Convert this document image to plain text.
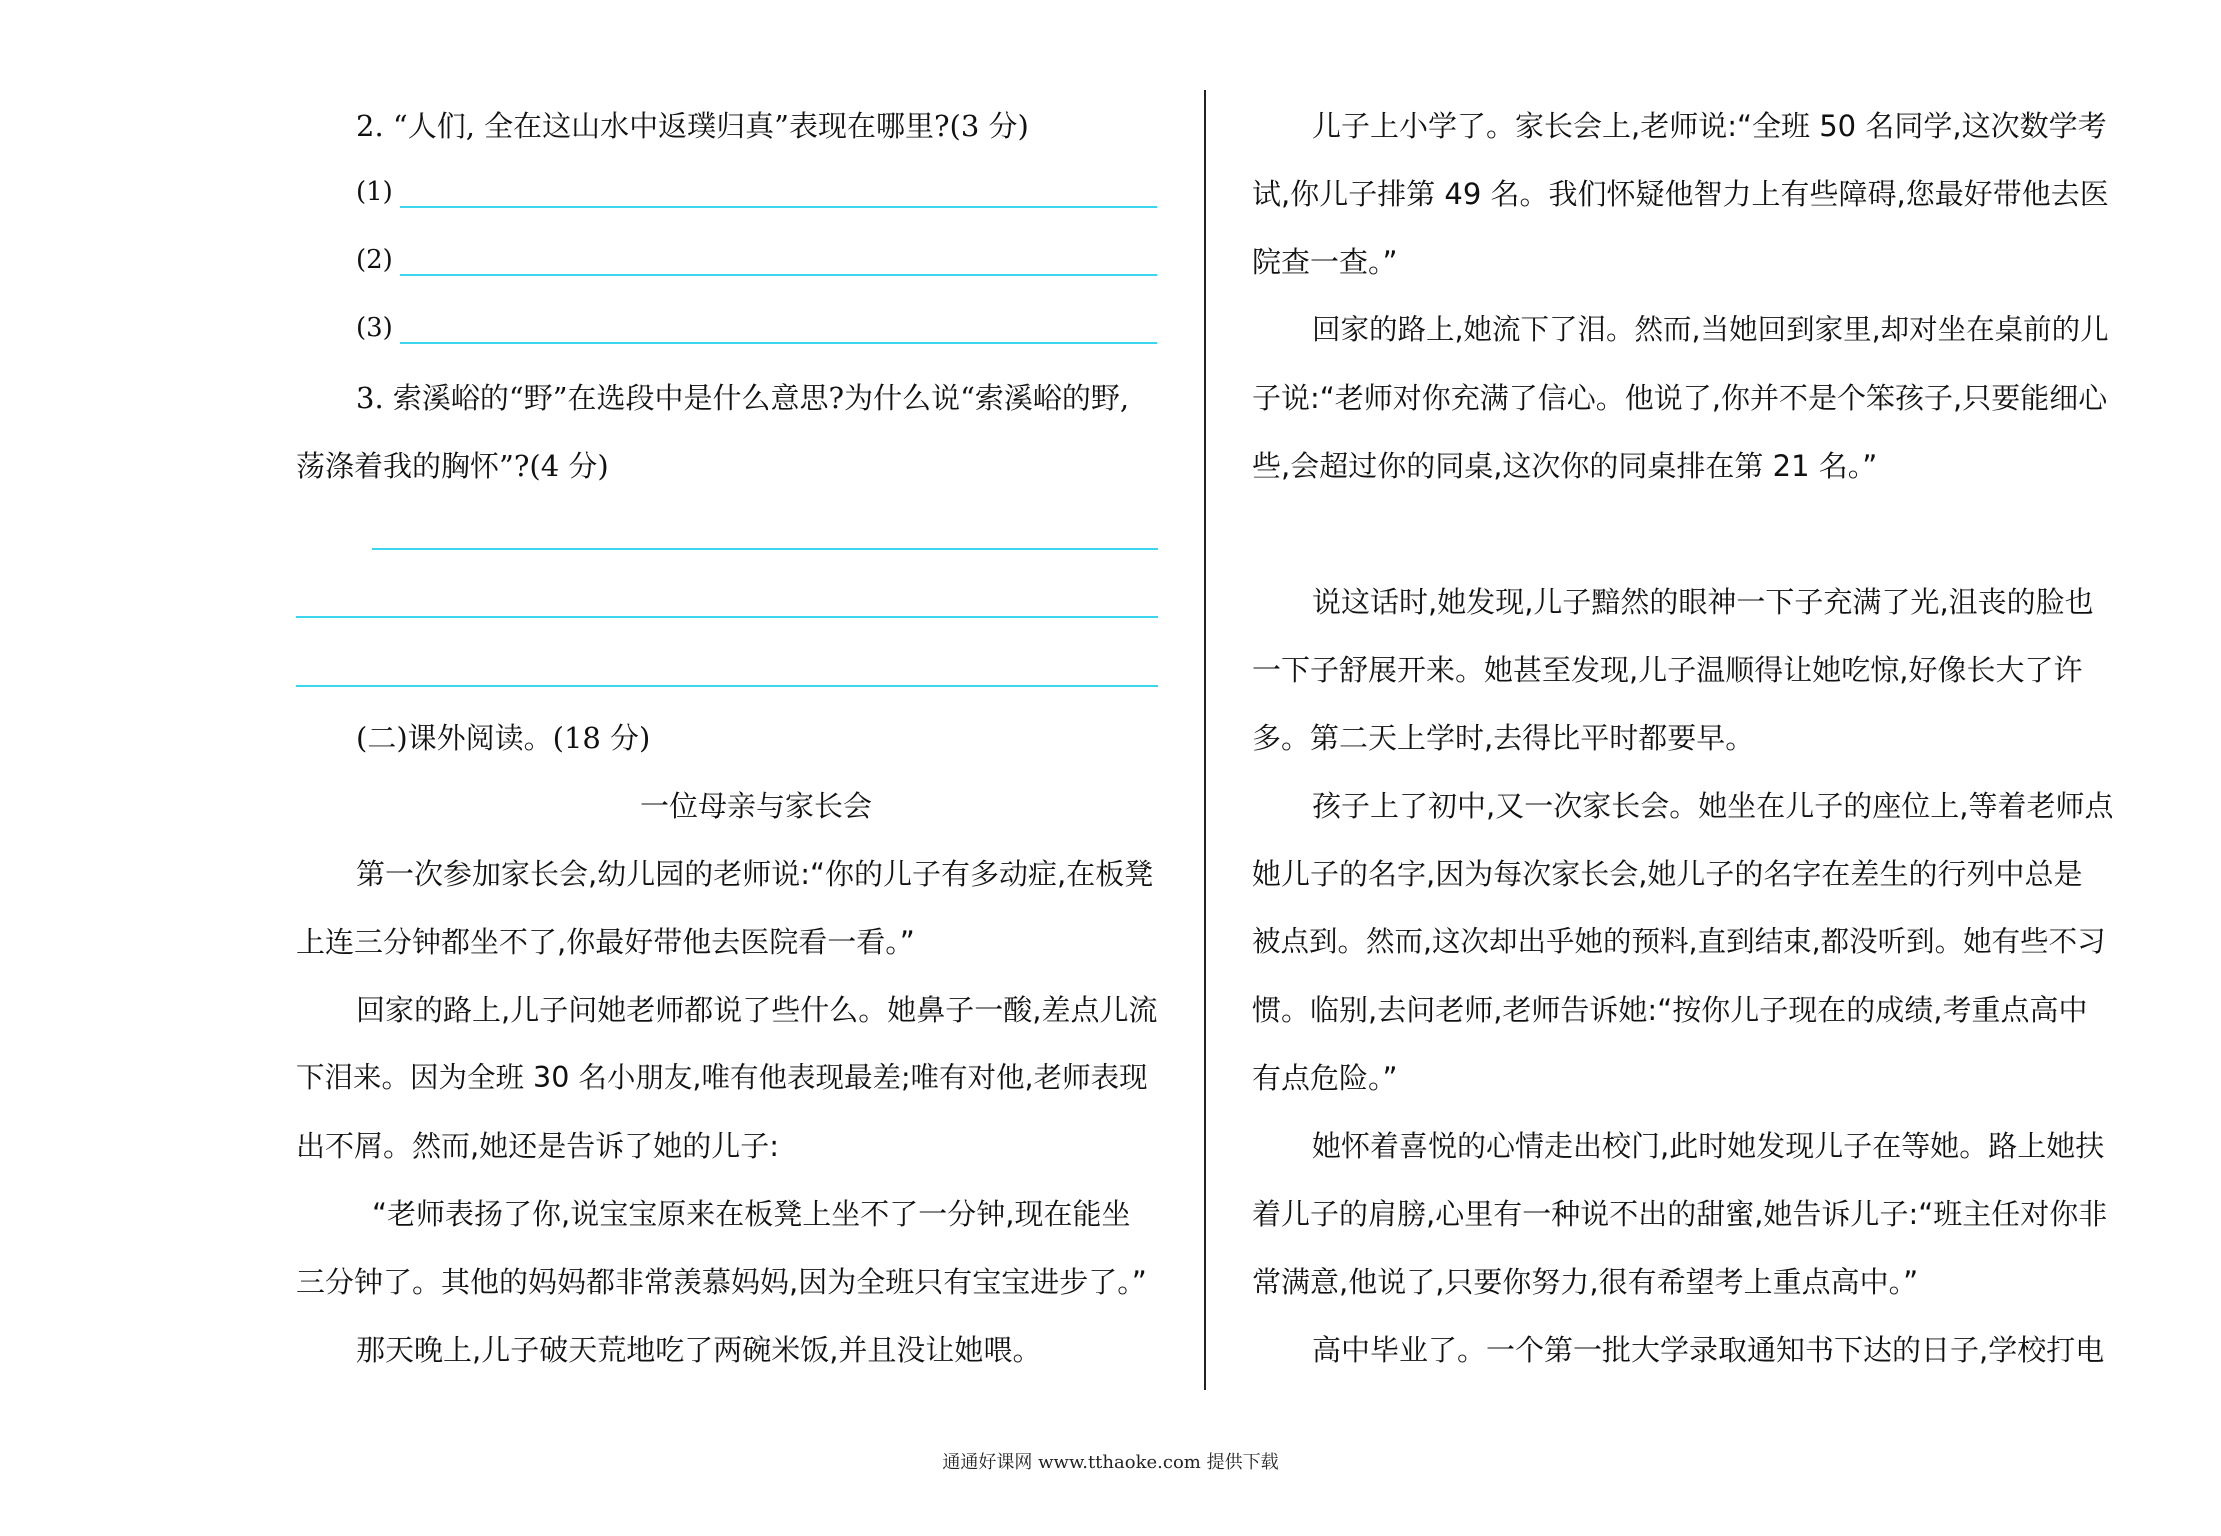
2. “人们, 全在这山水中返璞归真”表现在哪里?(3 分)
(1)
(2)
(3)
3. 索溪峪的“野”在选段中是什么意思?为什么说“索溪峪的野,
荡涤着我的胸怀”?(4 分)
(二)课外阅读。(18 分)
一位母亲与家长会
第一次参加家长会,幼儿园的老师说:“你的儿子有多动症,在板凳
上连三分钟都坐不了,你最好带他去医院看一看。”
回家的路上,儿子问她老师都说了些什么。她鼻子一酸,差点儿流
下泪来。因为全班 30 名小朋友,唯有他表现最差;唯有对他,老师表现
出不屑。然而,她还是告诉了她的儿子:
“老师表扬了你,说宝宝原来在板凳上坐不了一分钟,现在能坐
三分钟了。其他的妈妈都非常羡慕妈妈,因为全班只有宝宝进步了。”
那天晚上,儿子破天荒地吃了两碗米饭,并且没让她喂。
儿子上小学了。家长会上,老师说:“全班 50 名同学,这次数学考
试,你儿子排第 49 名。我们怀疑他智力上有些障碍,您最好带他去医
院查一查。”
回家的路上,她流下了泪。然而,当她回到家里,却对坐在桌前的儿
子说:“老师对你充满了信心。他说了,你并不是个笨孩子,只要能细心
些,会超过你的同桌,这次你的同桌排在第 21 名。”
说这话时,她发现,儿子黯然的眼神一下子充满了光,沮丧的脸也
一下子舒展开来。她甚至发现,儿子温顺得让她吃惊,好像长大了许
多。第二天上学时,去得比平时都要早。
孩子上了初中,又一次家长会。她坐在儿子的座位上,等着老师点
她儿子的名字,因为每次家长会,她儿子的名字在差生的行列中总是
被点到。然而,这次却出乎她的预料,直到结束,都没听到。她有些不习
惯。临别,去问老师,老师告诉她:“按你儿子现在的成绩,考重点高中
有点危险。”
她怀着喜悦的心情走出校门,此时她发现儿子在等她。路上她扶
着儿子的肩膀,心里有一种说不出的甜蜜,她告诉儿子:“班主任对你非
常满意,他说了,只要你努力,很有希望考上重点高中。”
高中毕业了。一个第一批大学录取通知书下达的日子,学校打电
通通好课网 www.tthaoke.com 提供下载
